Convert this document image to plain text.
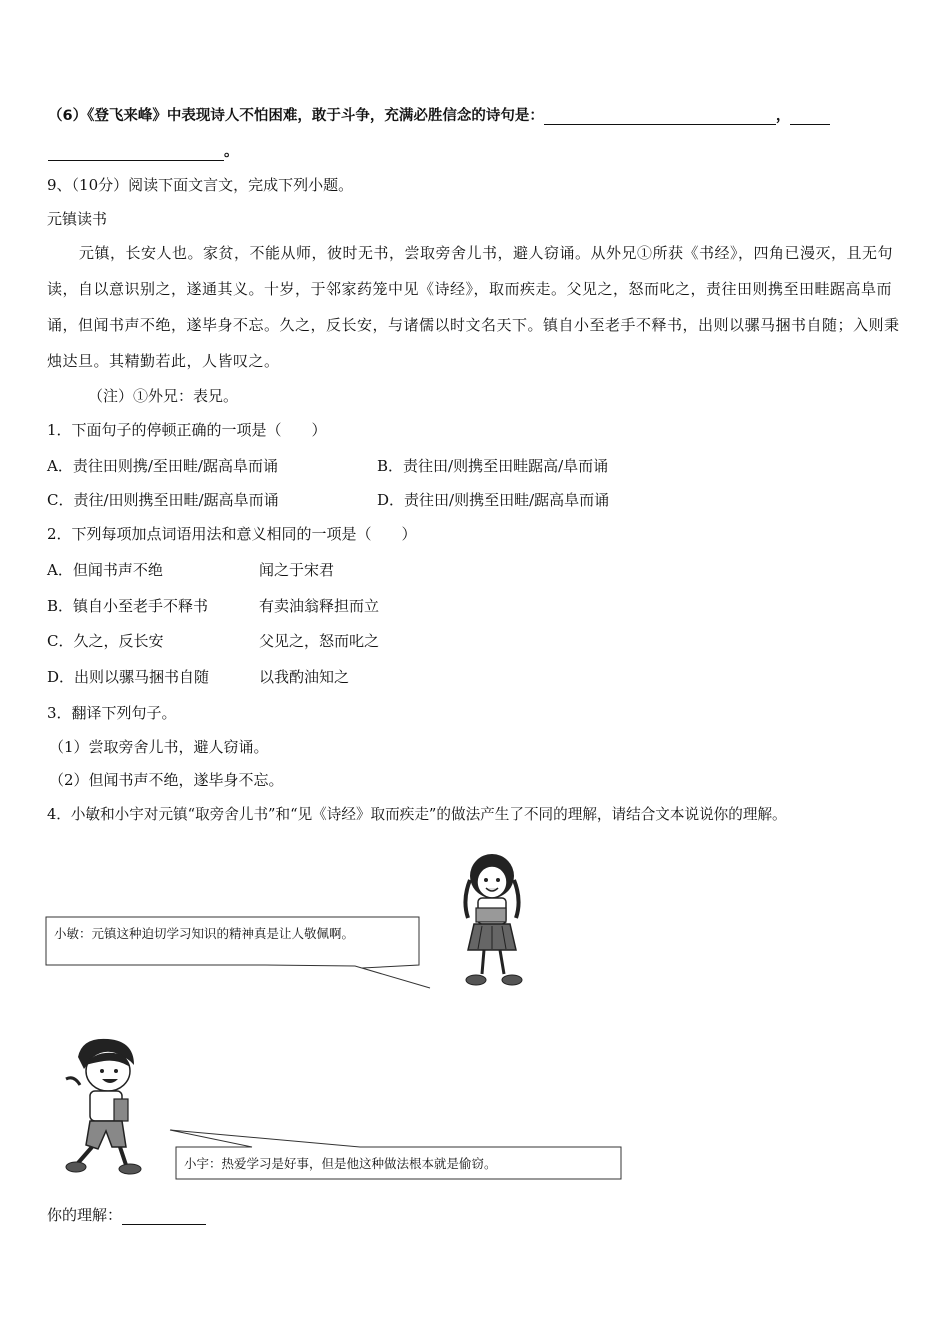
（6）《登飞来峰》中表现诗人不怕困难，敢于斗争，充满必胜信念的诗句是：	，
。
9、（10分）阅读下面文言文，完成下列小题。
元镇读书
元镇，长安人也。家贫，不能从师，彼时无书，尝取旁舍儿书，避人窃诵。从外兄①所获《书经》，四角已漫灭，且无句读，自以意识别之，遂通其义。十岁，于邻家药笼中见《诗经》，取而疾走。父见之，怒而叱之，责往田则携至田畦踞高阜而诵，但闻书声不绝，遂毕身不忘。久之，反长安，与诸儒以时文名天下。镇自小至老手不释书，出则以骡马捆书自随；入则秉烛达旦。其精勤若此，人皆叹之。
（注）①外兄：表兄。
1．下面句子的停顿正确的一项是（　　）
A．责往田则携/至田畦/踞高阜而诵	B．责往田/则携至田畦踞高/阜而诵
C．责往/田则携至田畦/踞高阜而诵	D．责往田/则携至田畦/踞高阜而诵
2．下列每项加点词语用法和意义相同的一项是（　　）
A．但闻书声不绝	闻之于宋君
B．镇自小至老手不释书	有卖油翁释担而立
C．久之，反长安	父见之，怒而叱之
D．出则以骡马捆书自随	以我酌油知之
3．翻译下列句子。
（1）尝取旁舍儿书，避人窃诵。
（2）但闻书声不绝，遂毕身不忘。
4．小敏和小宇对元镇“取旁舍儿书”和“见《诗经》取而疾走”的做法产生了不同的理解，请结合文本说说你的理解。
小敏：元镇这种迫切学习知识的精神真是让人敬佩啊。
小宇：热爱学习是好事，但是他这种做法根本就是偷窃。
你的理解：
